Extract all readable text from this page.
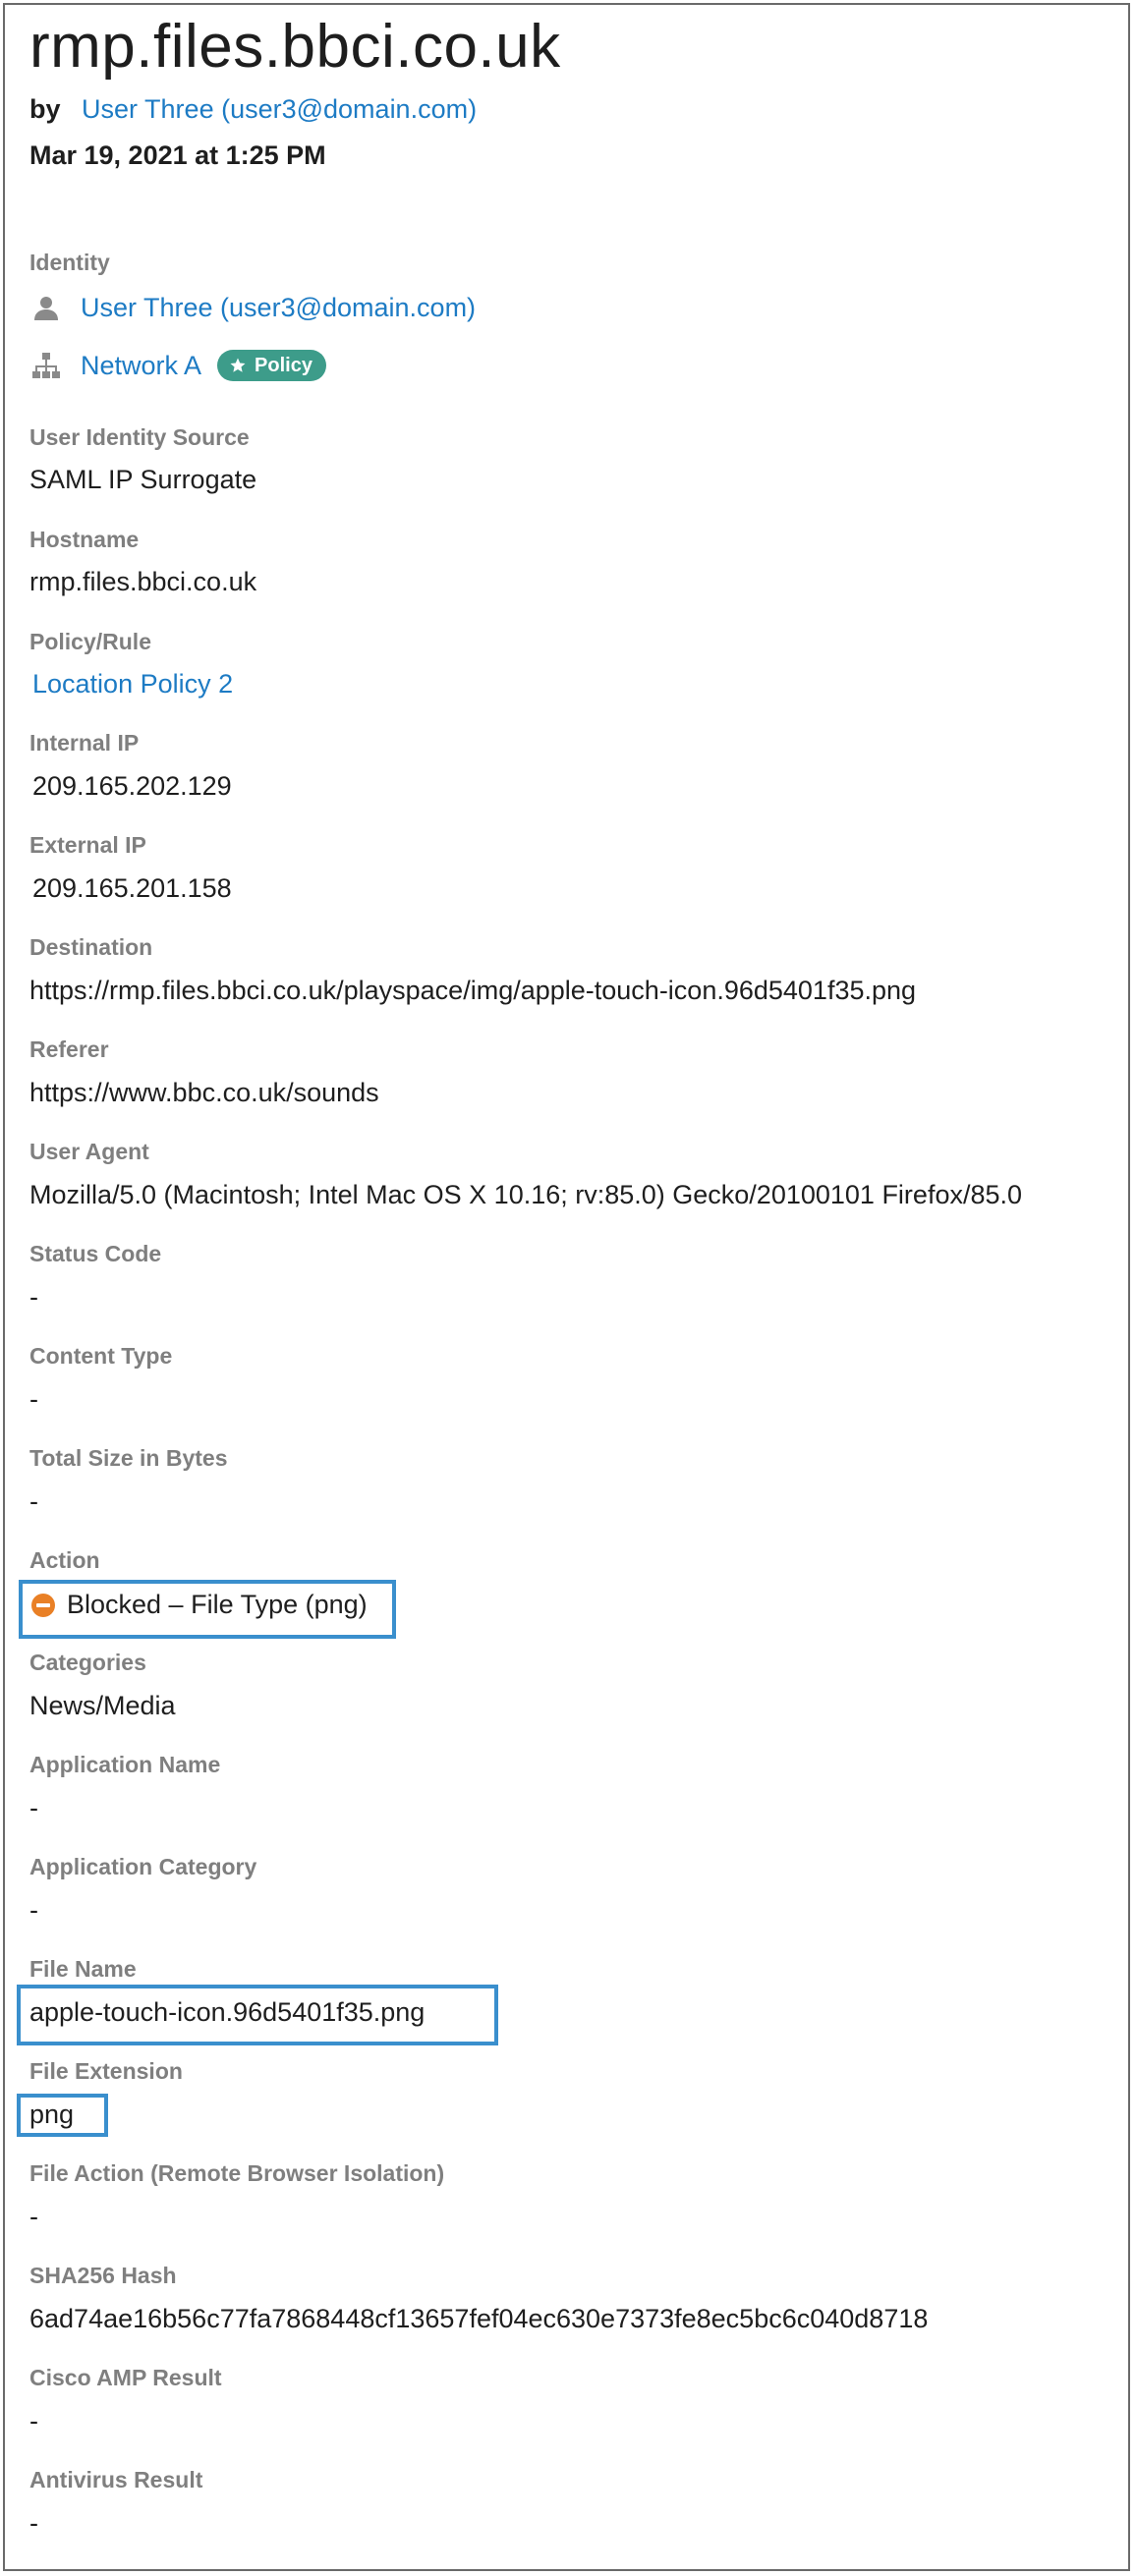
rmp.files.bbci.co.uk
by User Three (user3@domain.com)
Mar 19, 2021 at 1:25 PM
Identity
User Three (user3@domain.com)
Network A	Policy
User Identity Source
SAML IP Surrogate
Hostname
rmp.files.bbci.co.uk
Policy/Rule
Location Policy 2
Internal IP
209.165.202.129
External IP
209.165.201.158
Destination
https://rmp.files.bbci.co.uk/playspace/img/apple-touch-icon.96d5401f35.png
Referer
https://www.bbc.co.uk/sounds
User Agent
Mozilla/5.0 (Macintosh; Intel Mac OS X 10.16; rv:85.0) Gecko/20100101 Firefox/85.0
Status Code
-
Content Type
-
Total Size in Bytes
-
Action
Blocked – File Type (png)
Categories
News/Media
Application Name
-
Application Category
-
File Name
apple-touch-icon.96d5401f35.png
File Extension
png
File Action (Remote Browser Isolation)
-
SHA256 Hash
6ad74ae16b56c77fa7868448cf13657fef04ec630e7373fe8ec5bc6c040d8718
Cisco AMP Result
-
Antivirus Result
-
